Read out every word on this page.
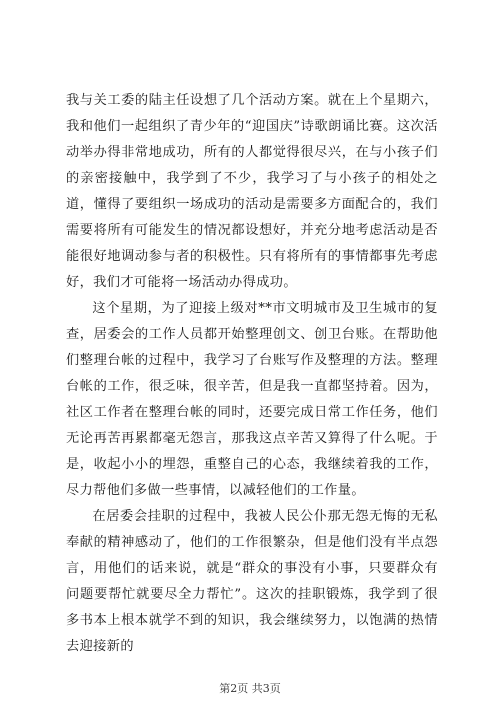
我与关工委的陆主任设想了几个活动方案。就在上个星期六，我和他们一起组织了青少年的“迎国庆”诗歌朗诵比赛。这次活动举办得非常地成功，所有的人都觉得很尽兴，在与小孩子们的亲密接触中，我学到了不少，我学习了与小孩子的相处之道，懂得了要组织一场成功的活动是需要多方面配合的，我们需要将所有可能发生的情况都设想好，并充分地考虑活动是否能很好地调动参与者的积极性。只有将所有的事情都事先考虑好，我们才可能将一场活动办得成功。

这个星期，为了迎接上级对**市文明城市及卫生城市的复查，居委会的工作人员都开始整理创文、创卫台账。在帮助他们整理台帐的过程中，我学习了台账写作及整理的方法。整理台帐的工作，很乏味，很辛苦，但是我一直都坚持着。因为，社区工作者在整理台帐的同时，还要完成日常工作任务，他们无论再苦再累都毫无怨言，那我这点辛苦又算得了什么呢。于是，收起小小的埋怨，重整自己的心态，我继续着我的工作，尽力帮他们多做一些事情，以减轻他们的工作量。

在居委会挂职的过程中，我被人民公仆那无怨无悔的无私奉献的精神感动了，他们的工作很繁杂，但是他们没有半点怨言，用他们的话来说，就是“群众的事没有小事，只要群众有问题要帮忙就要尽全力帮忙”。这次的挂职锻炼，我学到了很多书本上根本就学不到的知识，我会继续努力，以饱满的热情去迎接新的

第2页 共3页
